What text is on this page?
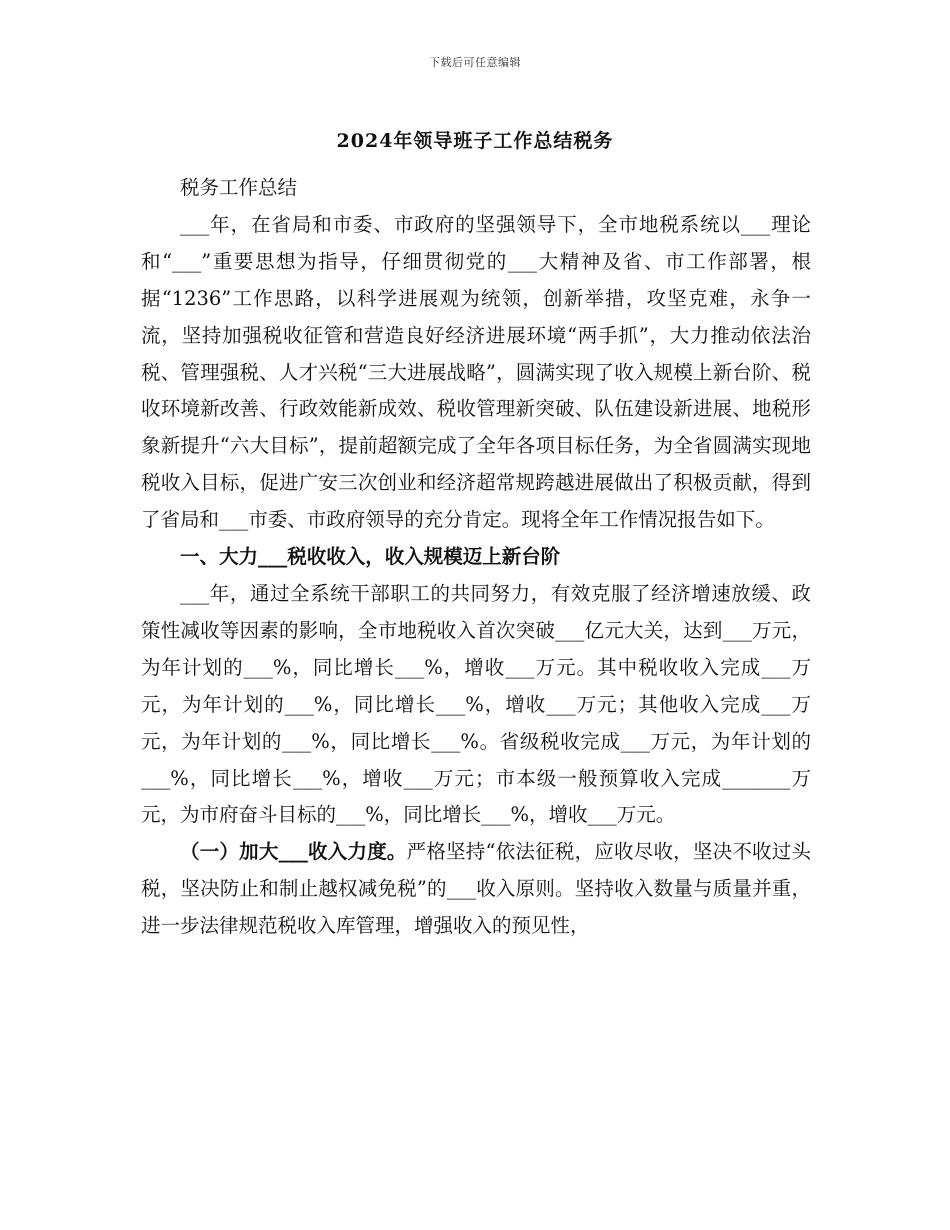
下载后可任意编辑
2024年领导班子工作总结税务

税务工作总结

___年，在省局和市委、市政府的坚强领导下，全市地税系统以___理论和“___”重要思想为指导，仔细贯彻党的___大精神及省、市工作部署，根据“1236”工作思路，以科学进展观为统领，创新举措，攻坚克难，永争一流，坚持加强税收征管和营造良好经济进展环境“两手抓”，大力推动依法治税、管理强税、人才兴税“三大进展战略”，圆满实现了收入规模上新台阶、税收环境新改善、行政效能新成效、税收管理新突破、队伍建设新进展、地税形象新提升“六大目标”，提前超额完成了全年各项目标任务，为全省圆满实现地税收入目标，促进广安三次创业和经济超常规跨越进展做出了积极贡献，得到了省局和___市委、市政府领导的充分肯定。现将全年工作情况报告如下。

一、大力___税收收入，收入规模迈上新台阶

___年，通过全系统干部职工的共同努力，有效克服了经济增速放缓、政策性减收等因素的影响，全市地税收入首次突破___亿元大关，达到___万元，为年计划的___%，同比增长___%，增收___万元。其中税收收入完成___万元，为年计划的___%，同比增长___%，增收___万元；其他收入完成___万元，为年计划的___%，同比增长___%。省级税收完成___万元，为年计划的___%，同比增长___%，增收___万元；市本级一般预算收入完成_______万元，为市府奋斗目标的___%，同比增长___%，增收___万元。

（一）加大___收入力度。严格坚持“依法征税，应收尽收，坚决不收过头税，坚决防止和制止越权减免税”的___收入原则。坚持收入数量与质量并重，进一步法律规范税收入库管理，增强收入的预见性，
